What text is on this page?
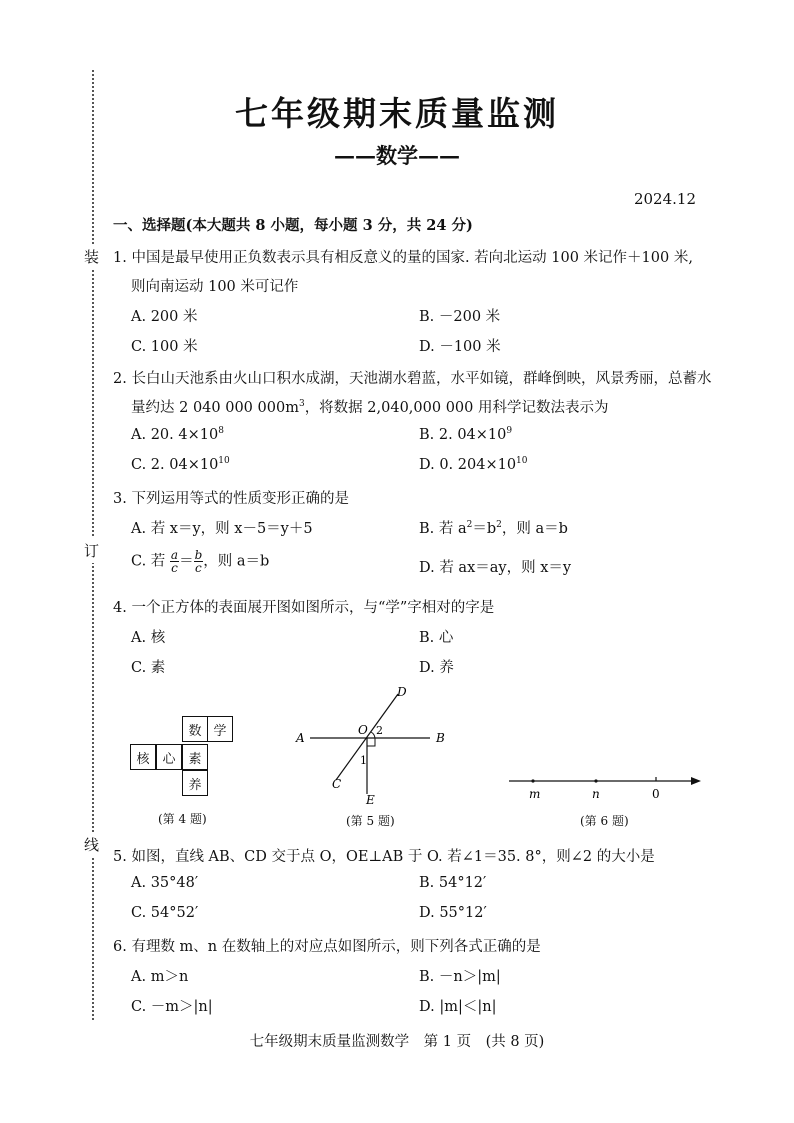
装
订
线
七年级期末质量监测
——数学——
2024.12
一、选择题(本大题共 8 小题，每小题 3 分，共 24 分)
1. 中国是最早使用正负数表示具有相反意义的量的国家. 若向北运动 100 米记作＋100 米,
则向南运动 100 米可记作
A. 200 米	B. －200 米
C. 100 米	D. －100 米
2. 长白山天池系由火山口积水成湖，天池湖水碧蓝，水平如镜，群峰倒映，风景秀丽，总蓄水
量约达 2 040 000 $000m^3$，将数据 2,040,000 000 用科学记数法表示为
A. 20. $4\times 10^8$	B. 2. $04\times 10^9$
C. 2. $04\times 10^{10}$	D. 0. $204\times 10^{10}$
3. 下列运用等式的性质变形正确的是
A. 若 x＝y，则 x－5＝y＋5	B. 若 $a^2=b^2$，则 a＝b
C. 若 $\frac{a}{c} = \frac{b}{c}$ ，则 a＝b	D. 若 ax＝ay，则 x＝y
4. 一个正方体的表面展开图如图所示，与“学”字相对的字是
A. 核	B. 心
C. 素	D. 养
数 学
核 心 素
养
(第 4 题)
A	B
D
C
E
O 2
1
(第 5 题)
m	n	0
(第 6 题)
5. 如图，直线 AB、CD 交于点 O，OE⊥AB 于 O. 若∠1＝35. 8°，则∠2 的大小是
A. 35°48′	B. 54°12′
C. 54°52′	D. 55°12′
6. 有理数 m、n 在数轴上的对应点如图所示，则下列各式正确的是
A. m＞n	B. －n＞|m|
C. －m＞|n|	D. |m|＜|n|
七年级期末质量监测数学　第 1 页　(共 8 页)
